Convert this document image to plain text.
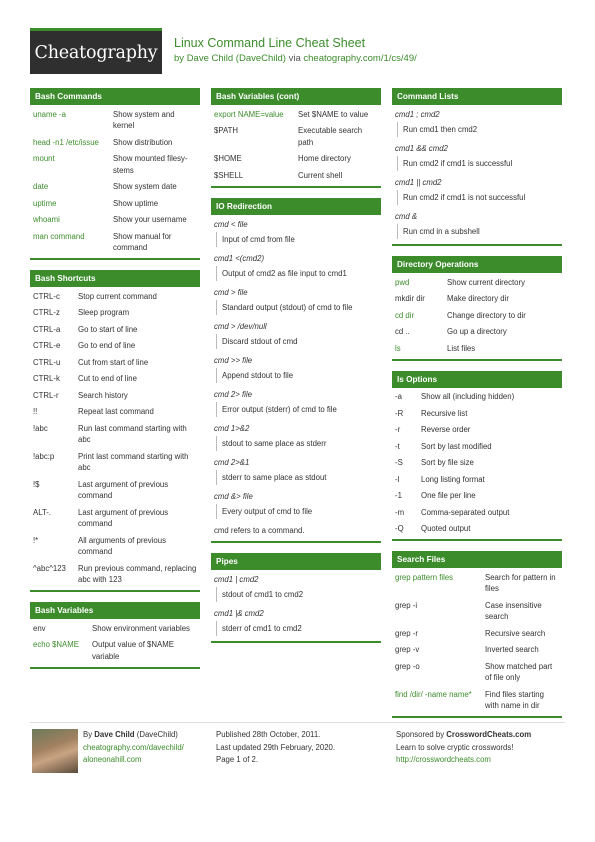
Cheatography	Linux Command Line Cheat Sheet
by Dave Child (DaveChild) via cheatography.com/1/cs/49/
Bash Commands
uname -a	Show system and kernel
head -n1 /etc/issue	Show distribution
mount	Show mounted filesystems
date	Show system date
uptime	Show uptime
whoami	Show your username
man command	Show manual for command
Bash Shortcuts
CTRL-c	Stop current command
CTRL-z	Sleep program
CTRL-a	Go to start of line
CTRL-e	Go to end of line
CTRL-u	Cut from start of line
CTRL-k	Cut to end of line
CTRL-r	Search history
!!	Repeat last command
!abc	Run last command starting with abc
!abc:p	Print last command starting with abc
!$	Last argument of previous command
ALT-.	Last argument of previous command
!*	All arguments of previous command
^abc^123	Run previous command, replacing abc with 123
Bash Variables
env	Show environment variables
echo $NAME	Output value of $NAME variable
Bash Variables (cont)
export NAME=value	Set $NAME to value
$PATH	Executable search path
$HOME	Home directory
$SHELL	Current shell
IO Redirection
cmd < file
Input of cmd from file
cmd1 <(cmd2)
Output of cmd2 as file input to cmd1
cmd > file
Standard output (stdout) of cmd to file
cmd > /dev/null
Discard stdout of cmd
cmd >> file
Append stdout to file
cmd 2> file
Error output (stderr) of cmd to file
cmd 1>&2
stdout to same place as stderr
cmd 2>&1
stderr to same place as stdout
cmd &> file
Every output of cmd to file
cmd refers to a command.
Pipes
cmd1 | cmd2
stdout of cmd1 to cmd2
cmd1 |& cmd2
stderr of cmd1 to cmd2
Command Lists
cmd1 ; cmd2
Run cmd1 then cmd2
cmd1 && cmd2
Run cmd2 if cmd1 is successful
cmd1 || cmd2
Run cmd2 if cmd1 is not successful
cmd &
Run cmd in a subshell
Directory Operations
pwd	Show current directory
mkdir dir	Make directory dir
cd dir	Change directory to dir
cd ..	Go up a directory
ls	List files
ls Options
-a	Show all (including hidden)
-R	Recursive list
-r	Reverse order
-t	Sort by last modified
-S	Sort by file size
-l	Long listing format
-1	One file per line
-m	Comma-separated output
-Q	Quoted output
Search Files
grep pattern files	Search for pattern in files
grep -i	Case insensitive search
grep -r	Recursive search
grep -v	Inverted search
grep -o	Show matched part of file only
find /dir/ -name name*	Find files starting with name in dir
By Dave Child (DaveChild)
cheatography.com/davechild/
aloneonahill.com
Published 28th October, 2011.
Last updated 29th February, 2020.
Page 1 of 2.
Sponsored by CrosswordCheats.com
Learn to solve cryptic crosswords!
http://crosswordcheats.com
